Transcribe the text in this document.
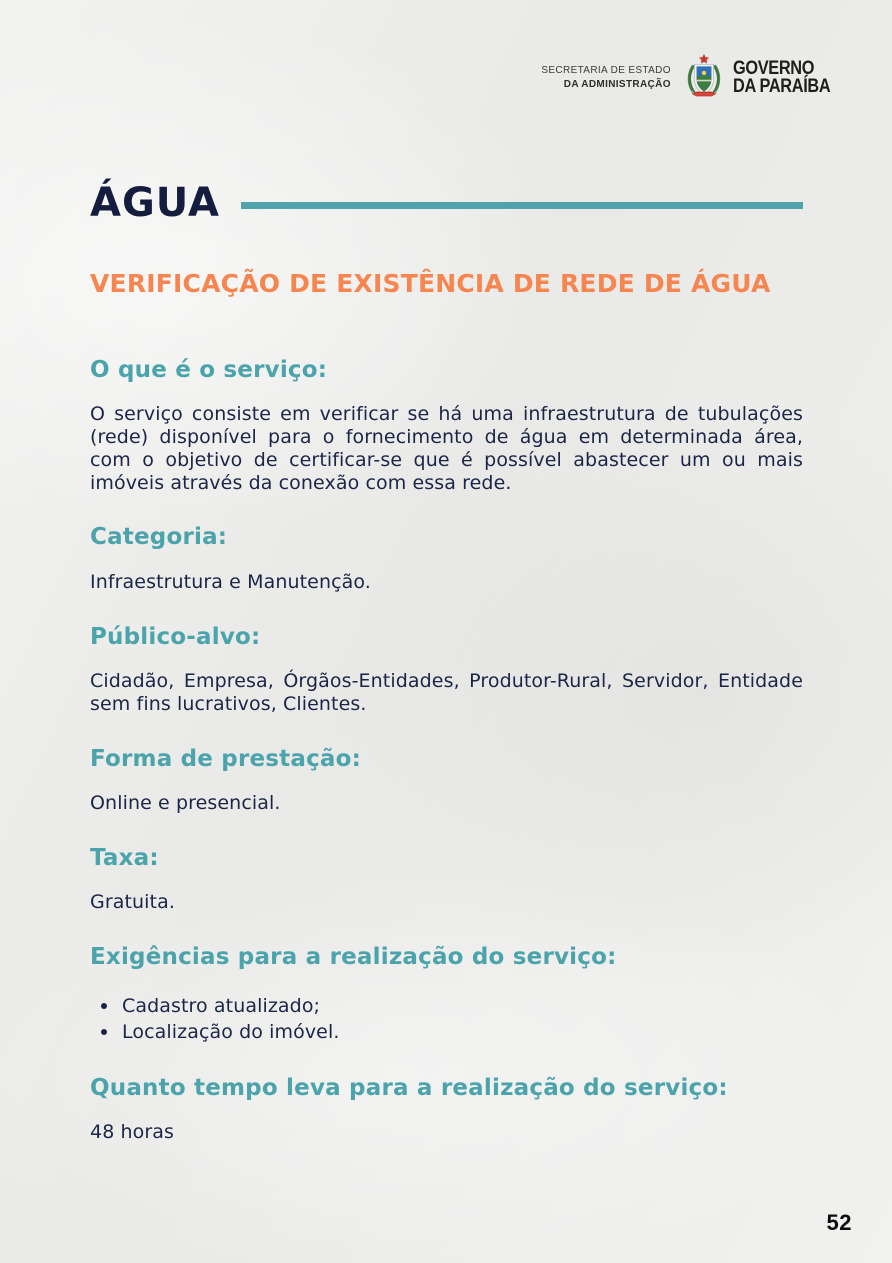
SECRETARIA DE ESTADO
DA ADMINISTRAÇÃO
GOVERNO
DA PARAÍBA
ÁGUA
VERIFICAÇÃO DE EXISTÊNCIA DE REDE DE ÁGUA
O que é o serviço:

O serviço consiste em verificar se há uma infraestrutura de tubulações (rede) disponível para o fornecimento de água em determinada área, com o objetivo de certificar-se que é possível abastecer um ou mais imóveis através da conexão com essa rede.

Categoria:

Infraestrutura e Manutenção.

Público-alvo:

Cidadão, Empresa, Órgãos-Entidades, Produtor-Rural, Servidor, Entidade sem fins lucrativos, Clientes.

Forma de prestação:

Online e presencial.

Taxa:

Gratuita.

Exigências para a realização do serviço:
Cadastro atualizado;
Localização do imóvel.
Quanto tempo leva para a realização do serviço:

48 horas

52
